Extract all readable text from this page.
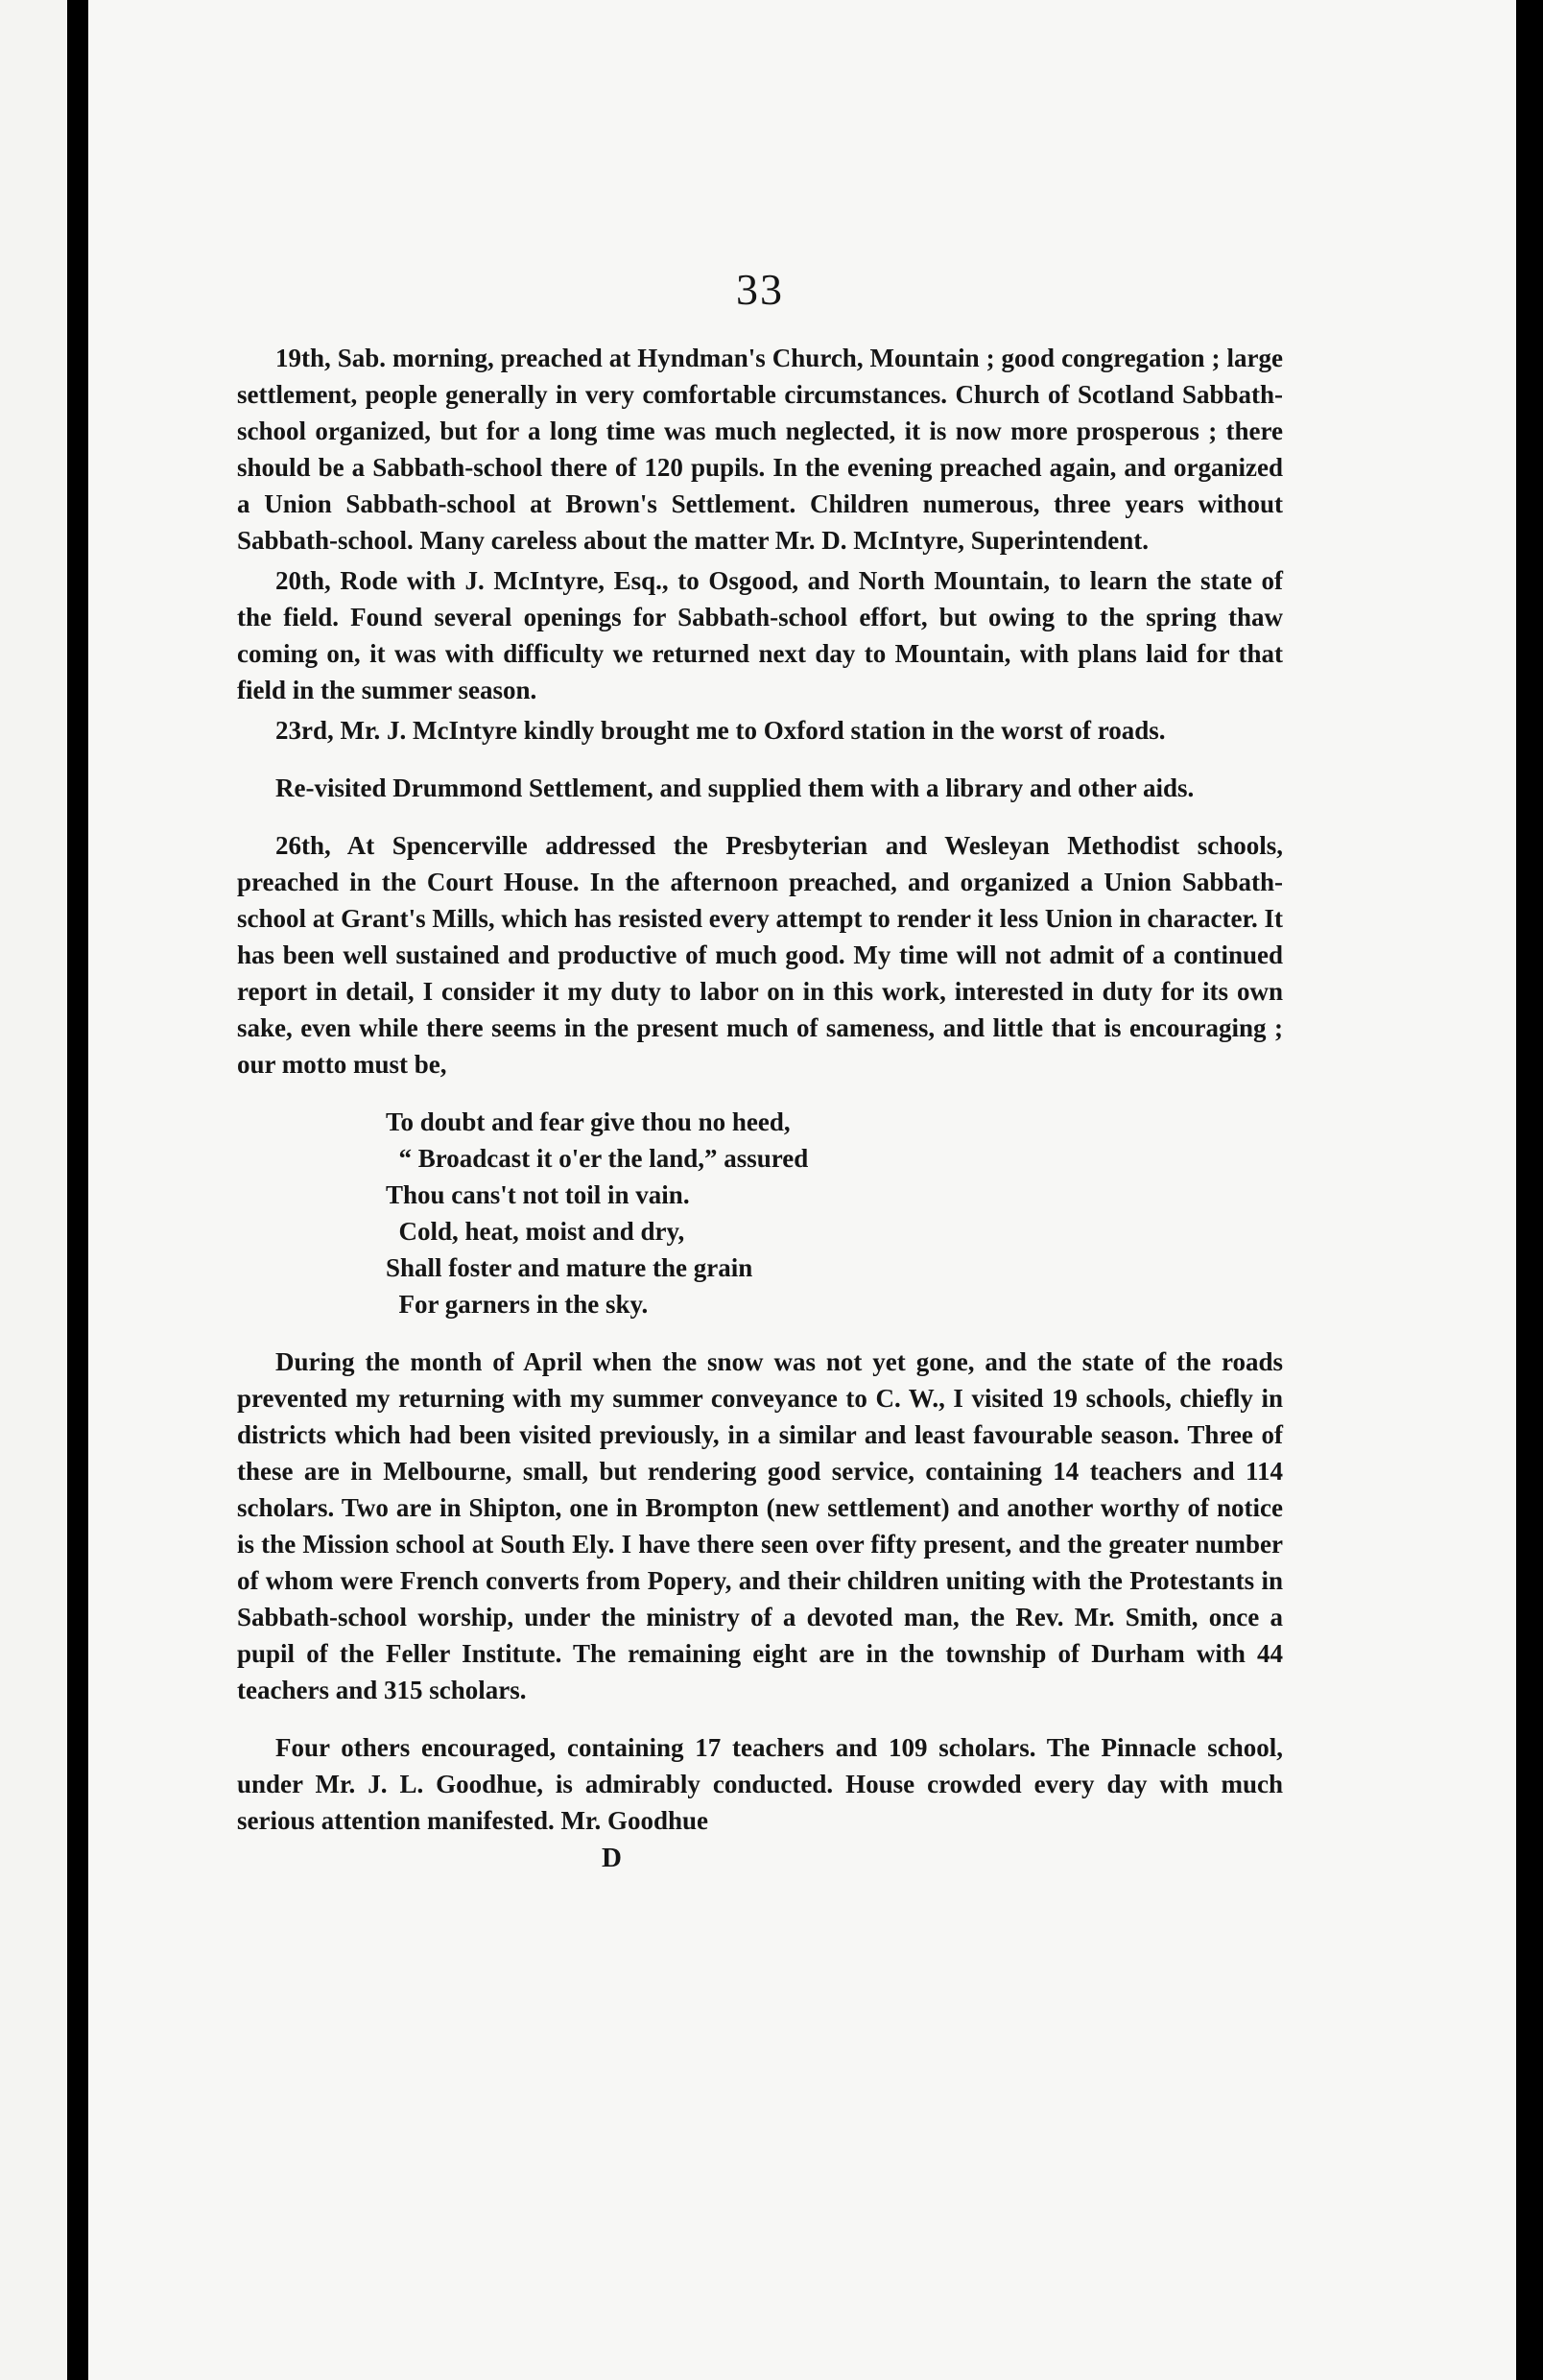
33

19th, Sab. morning, preached at Hyndman's Church, Mountain ; good congregation ; large settlement, people generally in very comfortable circumstances. Church of Scotland Sabbath-school organized, but for a long time was much neglected, it is now more prosperous ; there should be a Sabbath-school there of 120 pupils. In the evening preached again, and organized a Union Sabbath-school at Brown's Settlement. Children numerous, three years without Sabbath-school. Many careless about the matter Mr. D. McIntyre, Superintendent.

20th, Rode with J. McIntyre, Esq., to Osgood, and North Mountain, to learn the state of the field. Found several openings for Sabbath-school effort, but owing to the spring thaw coming on, it was with difficulty we returned next day to Mountain, with plans laid for that field in the summer season.

23rd, Mr. J. McIntyre kindly brought me to Oxford station in the worst of roads.

Re-visited Drummond Settlement, and supplied them with a library and other aids.

26th, At Spencerville addressed the Presbyterian and Wesleyan Methodist schools, preached in the Court House. In the afternoon preached, and organized a Union Sabbath-school at Grant's Mills, which has resisted every attempt to render it less Union in character. It has been well sustained and productive of much good. My time will not admit of a continued report in detail, I consider it my duty to labor on in this work, interested in duty for its own sake, even while there seems in the present much of sameness, and little that is encouraging ; our motto must be,

To doubt and fear give thou no heed,
“ Broadcast it o'er the land,” assured
Thou cans't not toil in vain.
Cold, heat, moist and dry,
Shall foster and mature the grain
For garners in the sky.

During the month of April when the snow was not yet gone, and the state of the roads prevented my returning with my summer conveyance to C. W., I visited 19 schools, chiefly in districts which had been visited previously, in a similar and least favourable season. Three of these are in Melbourne, small, but rendering good service, containing 14 teachers and 114 scholars. Two are in Shipton, one in Brompton (new settlement) and another worthy of notice is the Mission school at South Ely. I have there seen over fifty present, and the greater number of whom were French converts from Popery, and their children uniting with the Protestants in Sabbath-school worship, under the ministry of a devoted man, the Rev. Mr. Smith, once a pupil of the Feller Institute. The remaining eight are in the township of Durham with 44 teachers and 315 scholars.

Four others encouraged, containing 17 teachers and 109 scholars. The Pinnacle school, under Mr. J. L. Goodhue, is admirably conducted. House crowded every day with much serious attention manifested. Mr. Goodhue

D
